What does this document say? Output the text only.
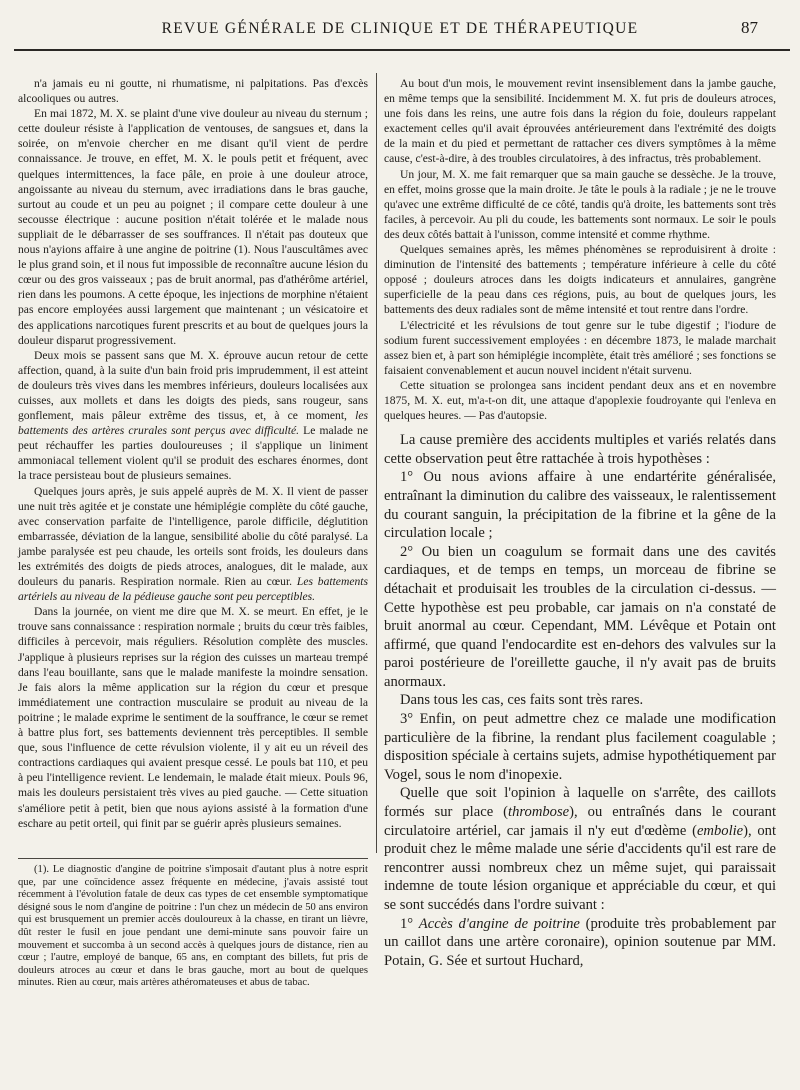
REVUE GÉNÉRALE DE CLINIQUE ET DE THÉRAPEUTIQUE	87

n'a jamais eu ni goutte, ni rhumatisme, ni palpitations. Pas d'excès alcooliques ou autres.

En mai 1872, M. X. se plaint d'une vive douleur au niveau du sternum ; cette douleur résiste à l'application de ventouses, de sangsues et, dans la soirée, on m'envoie chercher en me disant qu'il vient de perdre connaissance. Je trouve, en effet, M. X. le pouls petit et fréquent, avec quelques intermittences, la face pâle, en proie à une douleur atroce, angoissante au niveau du sternum, avec irradiations dans le bras gauche, surtout au coude et un peu au poignet ; il compare cette douleur à une secousse électrique : aucune position n'était tolérée et le malade nous suppliait de le débarrasser de ses souffrances. Il n'était pas douteux que nous n'ayions affaire à une angine de poitrine (1). Nous l'auscultâmes avec le plus grand soin, et il nous fut impossible de reconnaître aucune lésion du cœur ou des gros vaisseaux ; pas de bruit anormal, pas d'athérôme artériel, rien dans les poumons. A cette époque, les injections de morphine n'étaient pas encore employées aussi largement que maintenant ; un vésicatoire et des applications narcotiques furent prescrits et au bout de quelques jours la douleur disparut progressivement.

Deux mois se passent sans que M. X. éprouve aucun retour de cette affection, quand, à la suite d'un bain froid pris imprudemment, il est atteint de douleurs très vives dans les membres inférieurs, douleurs localisées aux cuisses, aux mollets et dans les doigts des pieds, sans rougeur, sans gonflement, mais pâleur extrême des tissus, et, à ce moment, les battements des artères crurales sont perçus avec difficulté. Le malade ne peut réchauffer les parties douloureuses ; il s'applique un liniment ammoniacal tellement violent qu'il se produit des eschares énormes, dont la trace persisteau bout de plusieurs semaines.

Quelques jours après, je suis appelé auprès de M. X. Il vient de passer une nuit très agitée et je constate une hémiplégie complète du côté gauche, avec conservation parfaite de l'intelligence, parole difficile, déglutition embarrassée, déviation de la langue, sensibilité abolie du côté paralysé. La jambe paralysée est peu chaude, les orteils sont froids, les douleurs dans les extrémités des doigts de pieds atroces, analogues, dit le malade, aux douleurs du panaris. Respiration normale. Rien au cœur. Les battements artériels au niveau de la pédieuse gauche sont peu perceptibles.

Dans la journée, on vient me dire que M. X. se meurt. En effet, je le trouve sans connaissance : respiration normale ; bruits du cœur très faibles, difficiles à percevoir, mais réguliers. Résolution complète des muscles. J'applique à plusieurs reprises sur la région des cuisses un marteau trempé dans l'eau bouillante, sans que le malade manifeste la moindre sensation. Je fais alors la même application sur la région du cœur et presque immédiatement une contraction musculaire se produit au niveau de la poitrine ; le malade exprime le sentiment de la souffrance, le cœur se remet à battre plus fort, ses battements deviennent très perceptibles. Il semble que, sous l'influence de cette révulsion violente, il y ait eu un réveil des contractions cardiaques qui avaient presque cessé. Le pouls bat 110, et peu à peu l'intelligence revient. Le lendemain, le malade était mieux. Pouls 96, mais les douleurs persistaient très vives au pied gauche. — Cette situation s'améliore petit à petit, bien que nous ayions assisté à la formation d'une eschare au petit orteil, qui finit par se guérir après plusieurs semaines.

(1). Le diagnostic d'angine de poitrine s'imposait d'autant plus à notre esprit que, par une coïncidence assez fréquente en médecine, j'avais assisté tout récemment à l'évolution fatale de deux cas types de cet ensemble symptomatique désigné sous le nom d'angine de poitrine : l'un chez un médecin de 50 ans environ qui est brusquement un premier accès douloureux à la chasse, en tirant un lièvre, dût rester le fusil en joue pendant une demi-minute sans pouvoir faire un mouvement et succomba à un second accès à quelques jours de distance, rien au cœur ; l'autre, employé de banque, 65 ans, en comptant des billets, fut pris de douleurs atroces au cœur et dans le bras gauche, mort au bout de quelques minutes. Rien au cœur, mais artères athéromateuses et abus de tabac.

Au bout d'un mois, le mouvement revint insensiblement dans la jambe gauche, en même temps que la sensibilité. Incidemment M. X. fut pris de douleurs atroces, une fois dans les reins, une autre fois dans la région du foie, douleurs rappelant exactement celles qu'il avait éprouvées antérieurement dans l'extrémité des doigts de la main et du pied et permettant de rattacher ces divers symptômes à la même cause, c'est-à-dire, à des troubles circulatoires, à des infractus, très probablement.

Un jour, M. X. me fait remarquer que sa main gauche se dessèche. Je la trouve, en effet, moins grosse que la main droite. Je tâte le pouls à la radiale ; je ne le trouve qu'avec une extrême difficulté de ce côté, tandis qu'à droite, les battements sont très faciles, à percevoir. Au pli du coude, les battements sont normaux. Le soir le pouls des deux côtés battait à l'unisson, comme intensité et comme rhythme.

Quelques semaines après, les mêmes phénomènes se reproduisirent à droite : diminution de l'intensité des battements ; température inférieure à celle du côté opposé ; douleurs atroces dans les doigts indicateurs et annulaires, gangrène superficielle de la peau dans ces régions, puis, au bout de quelques jours, les battements des deux radiales sont de même intensité et tout rentre dans l'ordre.

L'électricité et les révulsions de tout genre sur le tube digestif ; l'iodure de sodium furent successivement employées : en décembre 1873, le malade marchait assez bien et, à part son hémiplégie incomplète, était très amélioré ; ses fonctions se faisaient convenablement et aucun nouvel incident n'était survenu.

Cette situation se prolongea sans incident pendant deux ans et en novembre 1875, M. X. eut, m'a-t-on dit, une attaque d'apoplexie foudroyante qui l'enleva en quelques heures. — Pas d'autopsie.

La cause première des accidents multiples et variés relatés dans cette observation peut être rattachée à trois hypothèses :

1° Ou nous avions affaire à une endartérite généralisée, entraînant la diminution du calibre des vaisseaux, le ralentissement du courant sanguin, la précipitation de la fibrine et la gêne de la circulation locale ;

2° Ou bien un coagulum se formait dans une des cavités cardiaques, et de temps en temps, un morceau de fibrine se détachait et produisait les troubles de la circulation ci-dessus. — Cette hypothèse est peu probable, car jamais on n'a constaté de bruit anormal au cœur. Cependant, MM. Lévêque et Potain ont affirmé, que quand l'endocardite est en-dehors des valvules sur la paroi postérieure de l'oreillette gauche, il n'y avait pas de bruits anormaux.

Dans tous les cas, ces faits sont très rares.

3° Enfin, on peut admettre chez ce malade une modification particulière de la fibrine, la rendant plus facilement coagulable ; disposition spéciale à certains sujets, admise hypothétiquement par Vogel, sous le nom d'inopexie.

Quelle que soit l'opinion à laquelle on s'arrête, des caillots formés sur place (thrombose), ou entraînés dans le courant circulatoire artériel, car jamais il n'y eut d'œdème (embolie), ont produit chez le même malade une série d'accidents qu'il est rare de rencontrer aussi nombreux chez un même sujet, qui paraissait indemne de toute lésion organique et appréciable du cœur, et qui se sont succédés dans l'ordre suivant :

1° Accès d'angine de poitrine (produite très probablement par un caillot dans une artère coronaire), opinion soutenue par MM. Potain, G. Sée et surtout Huchard,
